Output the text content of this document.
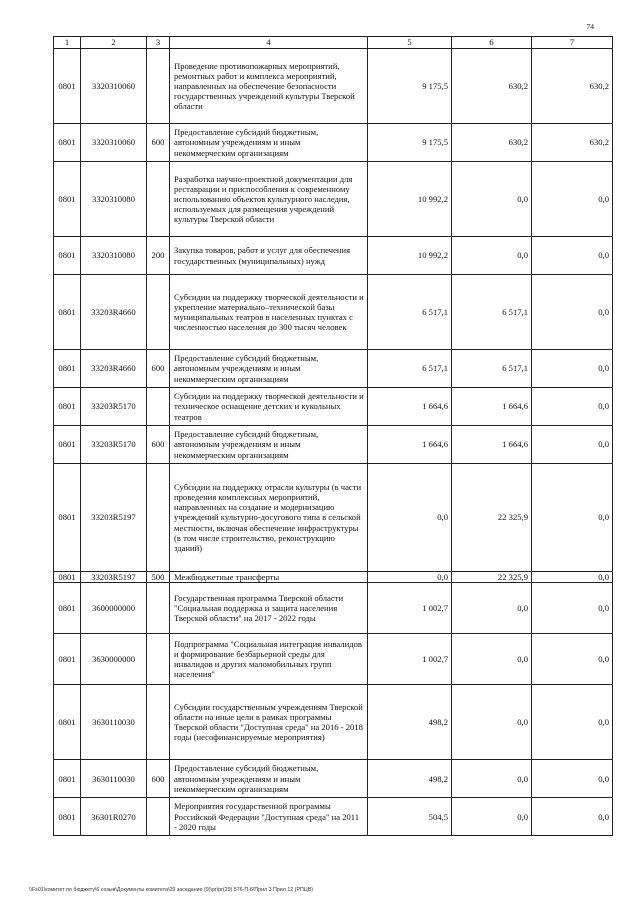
74
1	2	3	4	5	6	7
0801	3320310060		Проведение противопожарных мероприятий, ремонтных работ и комплекса мероприятий, направленных на обеспечение безопасности государственных учреждений культуры Тверской области	9 175,5	630,2	630,2
0801	3320310060	600	Предоставление субсидий бюджетным, автономным учреждениям и иным некоммерческим организациям	9 175,5	630,2	630,2
0801	3320310080		Разработка научно-проектной документации для реставрации и приспособления к современному использованию объектов культурного наследия, используемых для размещения учреждений культуры Тверской области	10 992,2	0,0	0,0
0801	3320310080	200	Закупка товаров, работ и услуг для обеспечения государственных (муниципальных) нужд	10 992,2	0,0	0,0
0801	33203R4660		Субсидии на поддержку творческой деятельности и укрепление материально–технической базы муниципальных театров в населенных пунктах с численностью населения до 300 тысяч человек	6 517,1	6 517,1	0,0
0801	33203R4660	600	Предоставление субсидий бюджетным, автономным учреждениям и иным некоммерческим организациям	6 517,1	6 517,1	0,0
0801	33203R5170		Субсидии на поддержку творческой деятельности и техническое оснащение детских и кукольных театров	1 664,6	1 664,6	0,0
0801	33203R5170	600	Предоставление субсидий бюджетным, автономным учреждениям и иным некоммерческим организациям	1 664,6	1 664,6	0,0
0801	33203R5197		Субсидии на поддержку отрасли культуры (в части проведения комплексных мероприятий, направленных на создание и модернизацию учреждений культурно-досугового типа в сельской местности, включая обеспечение инфраструктуры (в том числе строительство, реконструкцию зданий)	0,0	22 325,9	0,0
0801	33203R5197	500	Межбюджетные трансферты	0,0	22 325,9	0,0
0801	3600000000		Государственная программа Тверской области "Социальная поддержка и защита населения Тверской области" на 2017 - 2022 годы	1 002,7	0,0	0,0
0801	3630000000		Подпрограмма "Социальная интеграция инвалидов и формирование безбарьерной среды для инвалидов и других маломобильных групп населения"	1 002,7	0,0	0,0
0801	3630110030		Субсидии государственным учреждениям Тверской области на иные цели в рамках программы Тверской области "Доступная среда" на 2016 - 2018 годы (несофинансируемые мероприятия)	498,2	0,0	0,0
0801	3630110030	600	Предоставление субсидий бюджетным, автономным учреждениям и иным некоммерческим организациям	498,2	0,0	0,0
0801	36301R0270		Мероприятия государственной программы Российской Федерации "Доступная среда" на 2011 - 2020 годы	504,5	0,0	0,0
\\Fs01\комитет по бюджету\6 созыв\Документы комитета\29 заседание (9)\pr\pr(29) 576-П-6\Прил 3 Прил 12 (РПЦВ)
